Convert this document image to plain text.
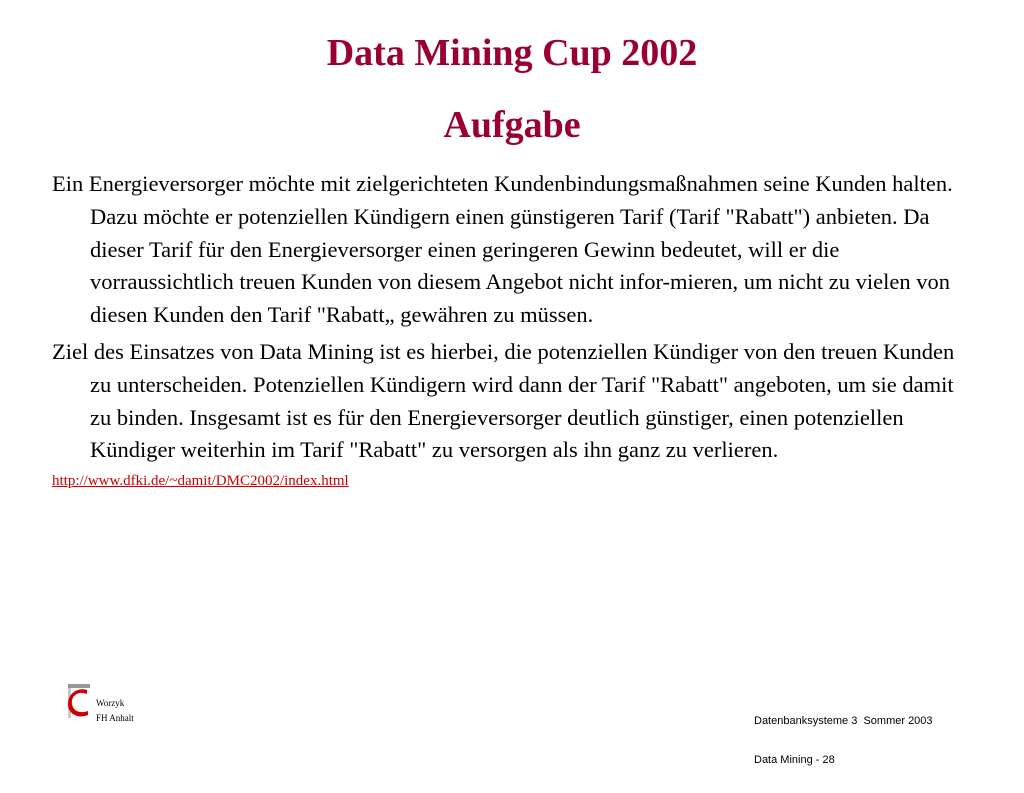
Data Mining Cup 2002

Aufgabe

Ein Energieversorger möchte mit zielgerichteten Kundenbindungsmaßnahmen seine Kunden halten. Dazu möchte er potenziellen Kündigern einen günstigeren Tarif (Tarif "Rabatt") anbieten. Da dieser Tarif für den Energieversorger einen geringeren Gewinn bedeutet, will er die vorraussichtlich treuen Kunden von diesem Angebot nicht infor-mieren, um nicht zu vielen von diesen Kunden den Tarif "Rabatt„ gewähren zu müssen.

Ziel des Einsatzes von Data Mining ist es hierbei, die potenziellen Kündiger von den treuen Kunden zu unterscheiden. Potenziellen Kündigern wird dann der Tarif "Rabatt" angeboten, um sie damit zu binden. Insgesamt ist es für den Energieversorger deutlich günstiger, einen potenziellen Kündiger weiterhin im Tarif "Rabatt" zu versorgen als ihn ganz zu verlieren.

http://www.dfki.de/~damit/DMC2002/index.html
Worzyk
FH Anhalt

	Datenbanksysteme 3  Sommer 2003

Data Mining - 28
